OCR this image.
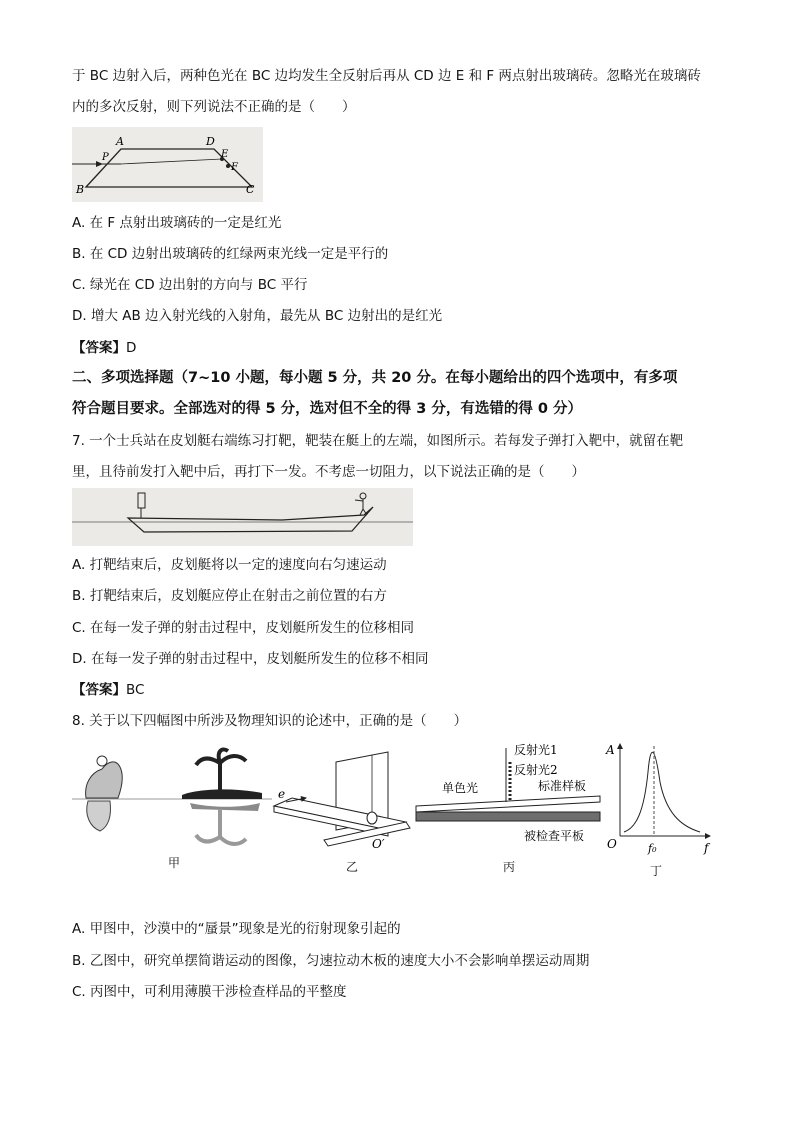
于 BC 边射入后，两种色光在 BC 边均发生全反射后再从 CD 边 E 和 F 两点射出玻璃砖。忽略光在玻璃砖
内的多次反射，则下列说法不正确的是（　　）
A	D
E
F
B	C
P
A. 在 F 点射出玻璃砖的一定是红光
B. 在 CD 边射出玻璃砖的红绿两束光线一定是平行的
C. 绿光在 CD 边出射的方向与 BC 平行
D. 增大 AB 边入射光线的入射角，最先从 BC 边射出的是红光
【答案】D
二、多项选择题（7~10 小题，每小题 5 分，共 20 分。在每小题给出的四个选项中，有多项
符合题目要求。全部选对的得 5 分，选对但不全的得 3 分，有选错的得 0 分）
7. 一个士兵站在皮划艇右端练习打靶，靶装在艇上的左端，如图所示。若每发子弹打入靶中，就留在靶
里，且待前发打入靶中后，再打下一发。不考虑一切阻力，以下说法正确的是（　　）
A. 打靶结束后，皮划艇将以一定的速度向右匀速运动
B. 打靶结束后，皮划艇应停止在射击之前位置的右方
C. 在每一发子弹的射击过程中，皮划艇所发生的位移相同
D. 在每一发子弹的射击过程中，皮划艇所发生的位移不相同
【答案】BC
8. 关于以下四幅图中所涉及物理知识的论述中，正确的是（　　）
甲
e
O′
乙
反射光1
反射光2
单色光	标准样板
被检查平板
丙
A
f
O	f₀
丁
A. 甲图中，沙漠中的“蜃景”现象是光的衍射现象引起的
B. 乙图中，研究单摆简谐运动的图像，匀速拉动木板的速度大小不会影响单摆运动周期
C. 丙图中，可利用薄膜干涉检查样品的平整度
